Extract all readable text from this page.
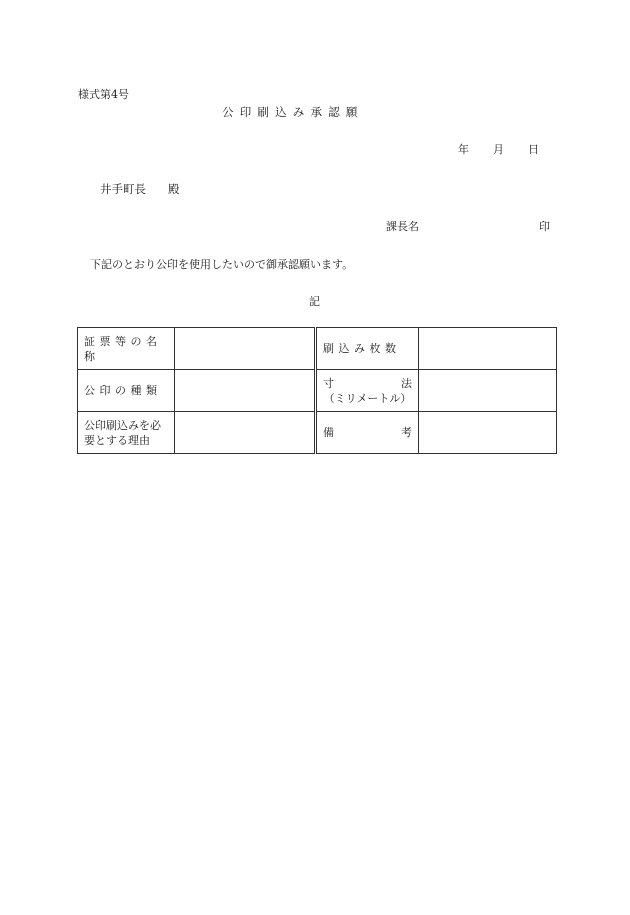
様式第4号
公印刷込み承認願
年 月 日
井手町長 殿
課長名	印
下記のとおり公印を使用したいので御承認願います。
記
証票等の名称		刷込み枚数	
公印の種類		寸 法
（ミリメートル）	

公印刷込みを必
要とする理由		備 考	
